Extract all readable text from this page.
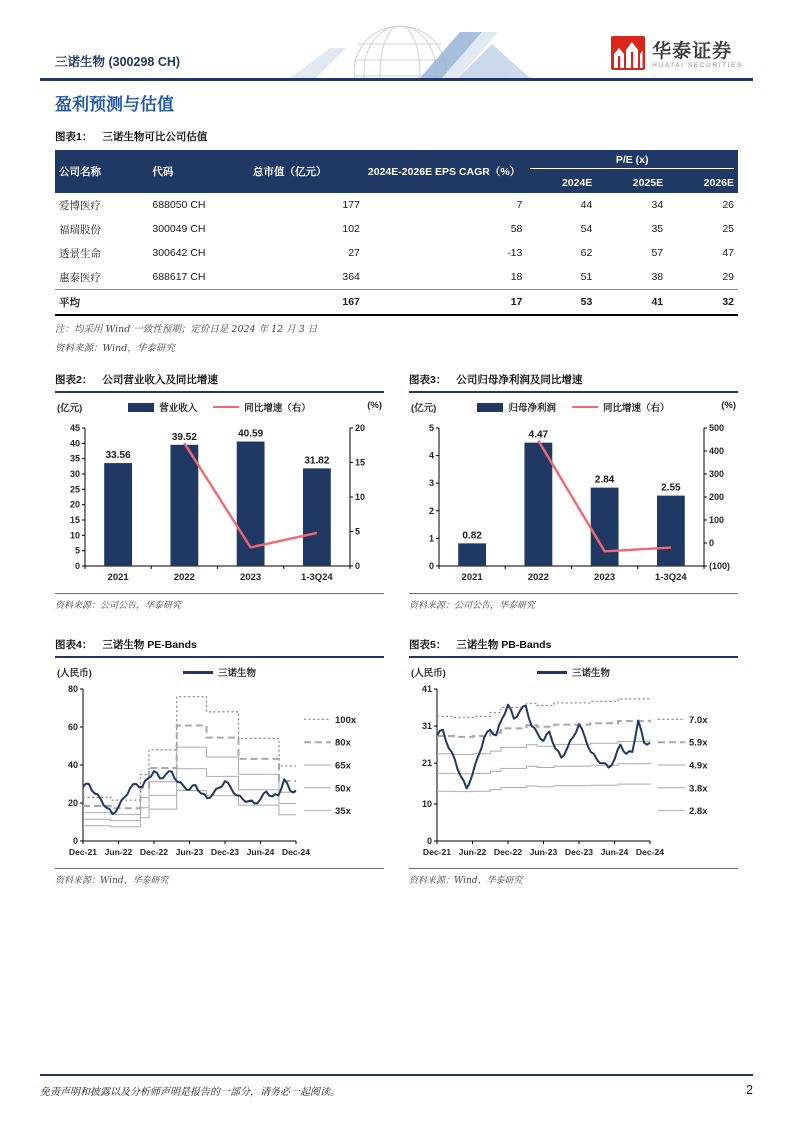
三诺生物 (300298 CH)	华泰证券
HUATAI SECURITIES
盈利预测与估值
图表1： 三诺生物可比公司估值
公司名称	代码	总市值（亿元）	2024E-2026E EPS CAGR（%）	P/E (x)		

				2024E	2025E	2026E
爱博医疗	688050 CH	177	7	44	34	26
福瑞股份	300049 CH	102	58	54	35	25
透景生命	300642 CH	27	-13	62	57	47
惠泰医疗	688617 CH	364	18	51	38	29
平均		167	17	53	41	32
注：均采用 Wind 一致性预期；定价日是 2024 年 12 月 3 日
资料来源：Wind，华泰研究
图表2： 公司营业收入及同比增速
(亿元)	营业收入	同比增速（右）	(%)
0
5
10
15
20
25
30
35
40
45
0
5
10
15
20
33.56
2021
39.52
2022
40.59
2023
31.82
1-3Q24
资料来源：公司公告，华泰研究
图表3： 公司归母净利润及同比增速
(亿元)	归母净利润	同比增速（右）	(%)
0
1
2
3
4
5
(100)
0
100
200
300
400
500
0.82
2021
4.47
2022
2.84
2023
2.55
1-3Q24
资料来源：公司公告，华泰研究
图表4： 三诺生物 PE-Bands
(人民币)	三诺生物
0
20
40
60
80
Dec-21 Jun-22 Dec-22 Jun-23 Dec-23 Jun-24 Dec-24
100x
80x
65x
50x
35x
资料来源：Wind、华泰研究
图表5： 三诺生物 PB-Bands
(人民币)	三诺生物
0
10
21
31
41
Dec-21 Jun-22 Dec-22 Jun-23 Dec-23 Jun-24 Dec-24
7.0x
5.9x
4.9x
3.8x
2.8x
资料来源：Wind、华泰研究
免责声明和披露以及分析师声明是报告的一部分，请务必一起阅读。	2
